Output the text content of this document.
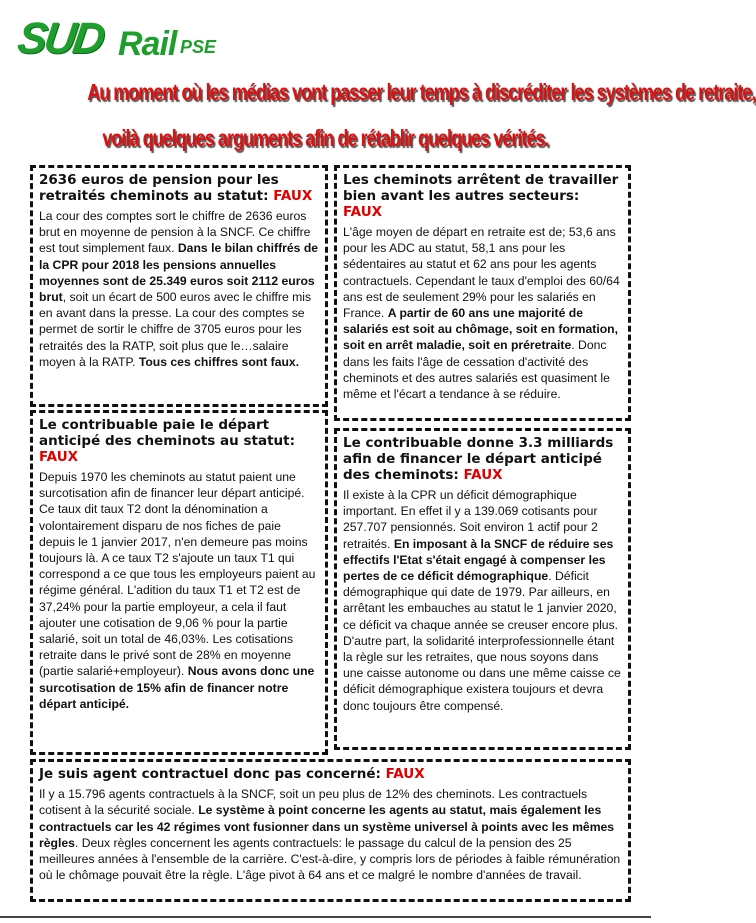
SUD Rail PSE
Au moment où les médias vont passer leur temps à discréditer les systèmes de retraite,
voilà quelques arguments afin de rétablir quelques vérités.
2636 euros de pension pour les retraités cheminots au statut: FAUX

La cour des comptes sort le chiffre de 2636 euros brut en moyenne de pension à la SNCF. Ce chiffre est tout simplement faux. Dans le bilan chiffrés de la CPR pour 2018 les pensions annuelles moyennes sont de 25.349 euros soit 2112 euros brut, soit un écart de 500 euros avec le chiffre mis en avant dans la presse. La cour des comptes se permet de sortir le chiffre de 3705 euros pour les retraités des la RATP, soit plus que le…salaire moyen à la RATP. Tous ces chiffres sont faux.

Les cheminots arrêtent de travailler bien avant les autres secteurs:
FAUX

L'âge moyen de départ en retraite est de; 53,6 ans pour les ADC au statut, 58,1 ans pour les sédentaires au statut et 62 ans pour les agents contractuels. Cependant le taux d'emploi des 60/64 ans est de seulement 29% pour les salariés en France. A partir de 60 ans une majorité de salariés est soit au chômage, soit en formation, soit en arrêt maladie, soit en préretraite. Donc dans les faits l'âge de cessation d'activité des cheminots et des autres salariés est quasiment le même et l'écart a tendance à se réduire.

Le contribuable paie le départ anticipé des cheminots au statut:
FAUX

Depuis 1970 les cheminots au statut paient une surcotisation afin de financer leur départ anticipé. Ce taux dit taux T2 dont la dénomination a volontairement disparu de nos fiches de paie depuis le 1 janvier 2017, n'en demeure pas moins toujours là. A ce taux T2 s'ajoute un taux T1 qui correspond a ce que tous les employeurs paient au régime général. L'adition du taux T1 et T2 est de 37,24% pour la partie employeur, a cela il faut ajouter une cotisation de 9,06 % pour la partie salarié, soit un total de 46,03%. Les cotisations retraite dans le privé sont de 28% en moyenne (partie salarié+employeur). Nous avons donc une surcotisation de 15% afin de financer notre départ anticipé.

Le contribuable donne 3.3 milliards afin de financer le départ anticipé des cheminots: FAUX

Il existe à la CPR un déficit démographique important. En effet il y a 139.069 cotisants pour 257.707 pensionnés. Soit environ 1 actif pour 2 retraités. En imposant à la SNCF de réduire ses effectifs l'Etat s'était engagé à compenser les pertes de ce déficit démographique. Déficit démographique qui date de 1979. Par ailleurs, en arrêtant les embauches au statut le 1 janvier 2020, ce déficit va chaque année se creuser encore plus. D'autre part, la solidarité interprofessionnelle étant la règle sur les retraites, que nous soyons dans une caisse autonome ou dans une même caisse ce déficit démographique existera toujours et devra donc toujours être compensé.

Je suis agent contractuel donc pas concerné: FAUX

Il y a 15.796 agents contractuels à la SNCF, soit un peu plus de 12% des cheminots. Les contractuels cotisent à la sécurité sociale. Le système à point concerne les agents au statut, mais également les contractuels car les 42 régimes vont fusionner dans un système universel à points avec les mêmes règles. Deux règles concernent les agents contractuels: le passage du calcul de la pension des 25 meilleures années à l'ensemble de la carrière. C'est-à-dire, y compris lors de périodes à faible rémunération où le chômage pouvait être la règle. L'âge pivot à 64 ans et ce malgré le nombre d'années de travail.
